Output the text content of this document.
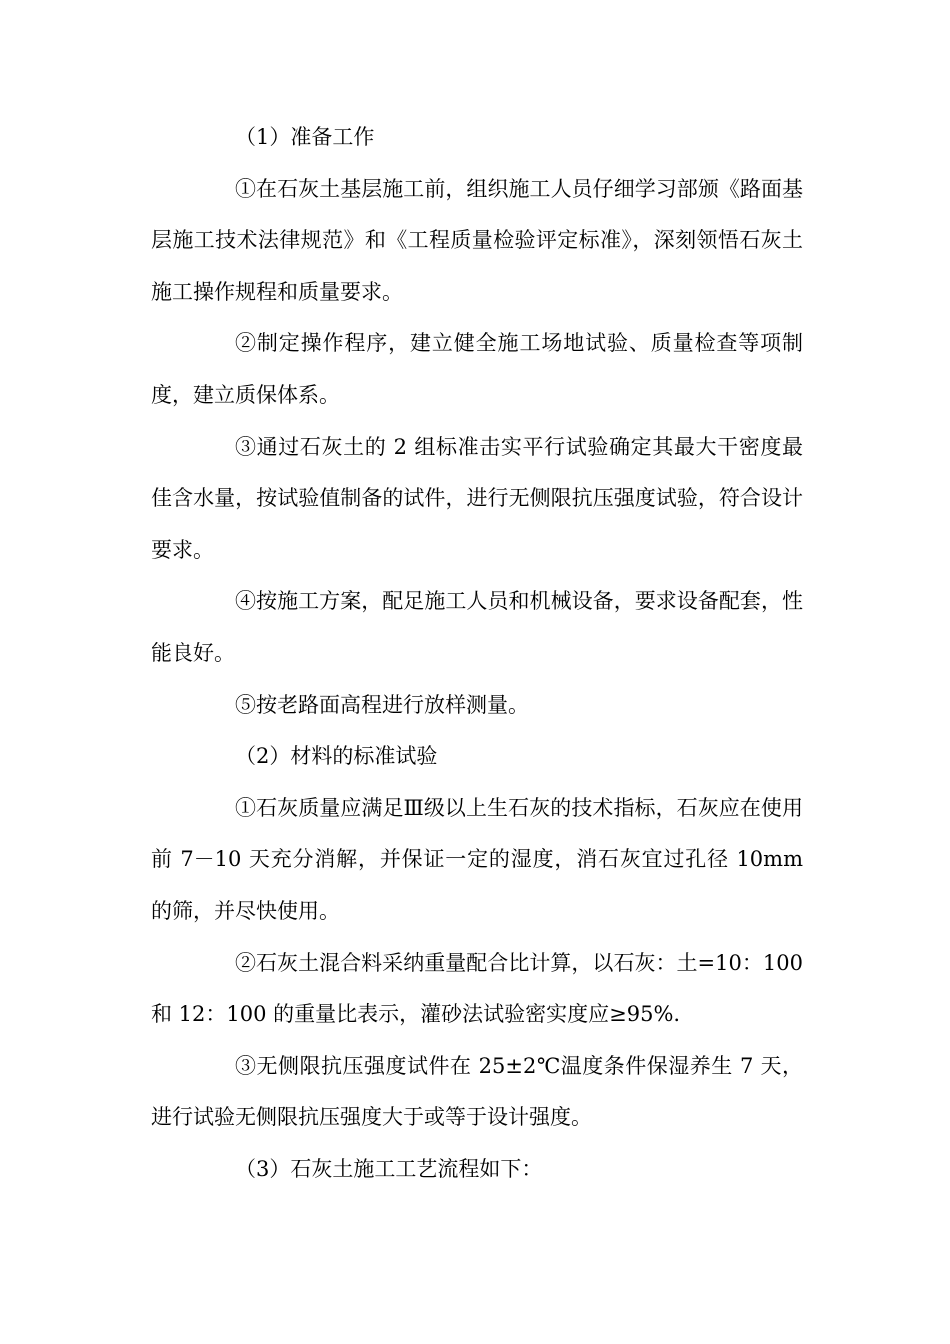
（1）准备工作

①在石灰土基层施工前，组织施工人员仔细学习部颁《路面基层施工技术法律规范》和《工程质量检验评定标准》，深刻领悟石灰土施工操作规程和质量要求。

②制定操作程序，建立健全施工场地试验、质量检查等项制度，建立质保体系。

③通过石灰土的 2 组标准击实平行试验确定其最大干密度最佳含水量，按试验值制备的试件，进行无侧限抗压强度试验，符合设计要求。

④按施工方案，配足施工人员和机械设备，要求设备配套，性能良好。

⑤按老路面高程进行放样测量。

（2）材料的标准试验

①石灰质量应满足Ⅲ级以上生石灰的技术指标，石灰应在使用前 7－10 天充分消解，并保证一定的湿度，消石灰宜过孔径 10mm 的筛，并尽快使用。

②石灰土混合料采纳重量配合比计算，以石灰：土=10：100 和 12：100 的重量比表示，灌砂法试验密实度应≥95%.

③无侧限抗压强度试件在 25±2℃温度条件保湿养生 7 天，进行试验无侧限抗压强度大于或等于设计强度。

（3）石灰土施工工艺流程如下：
